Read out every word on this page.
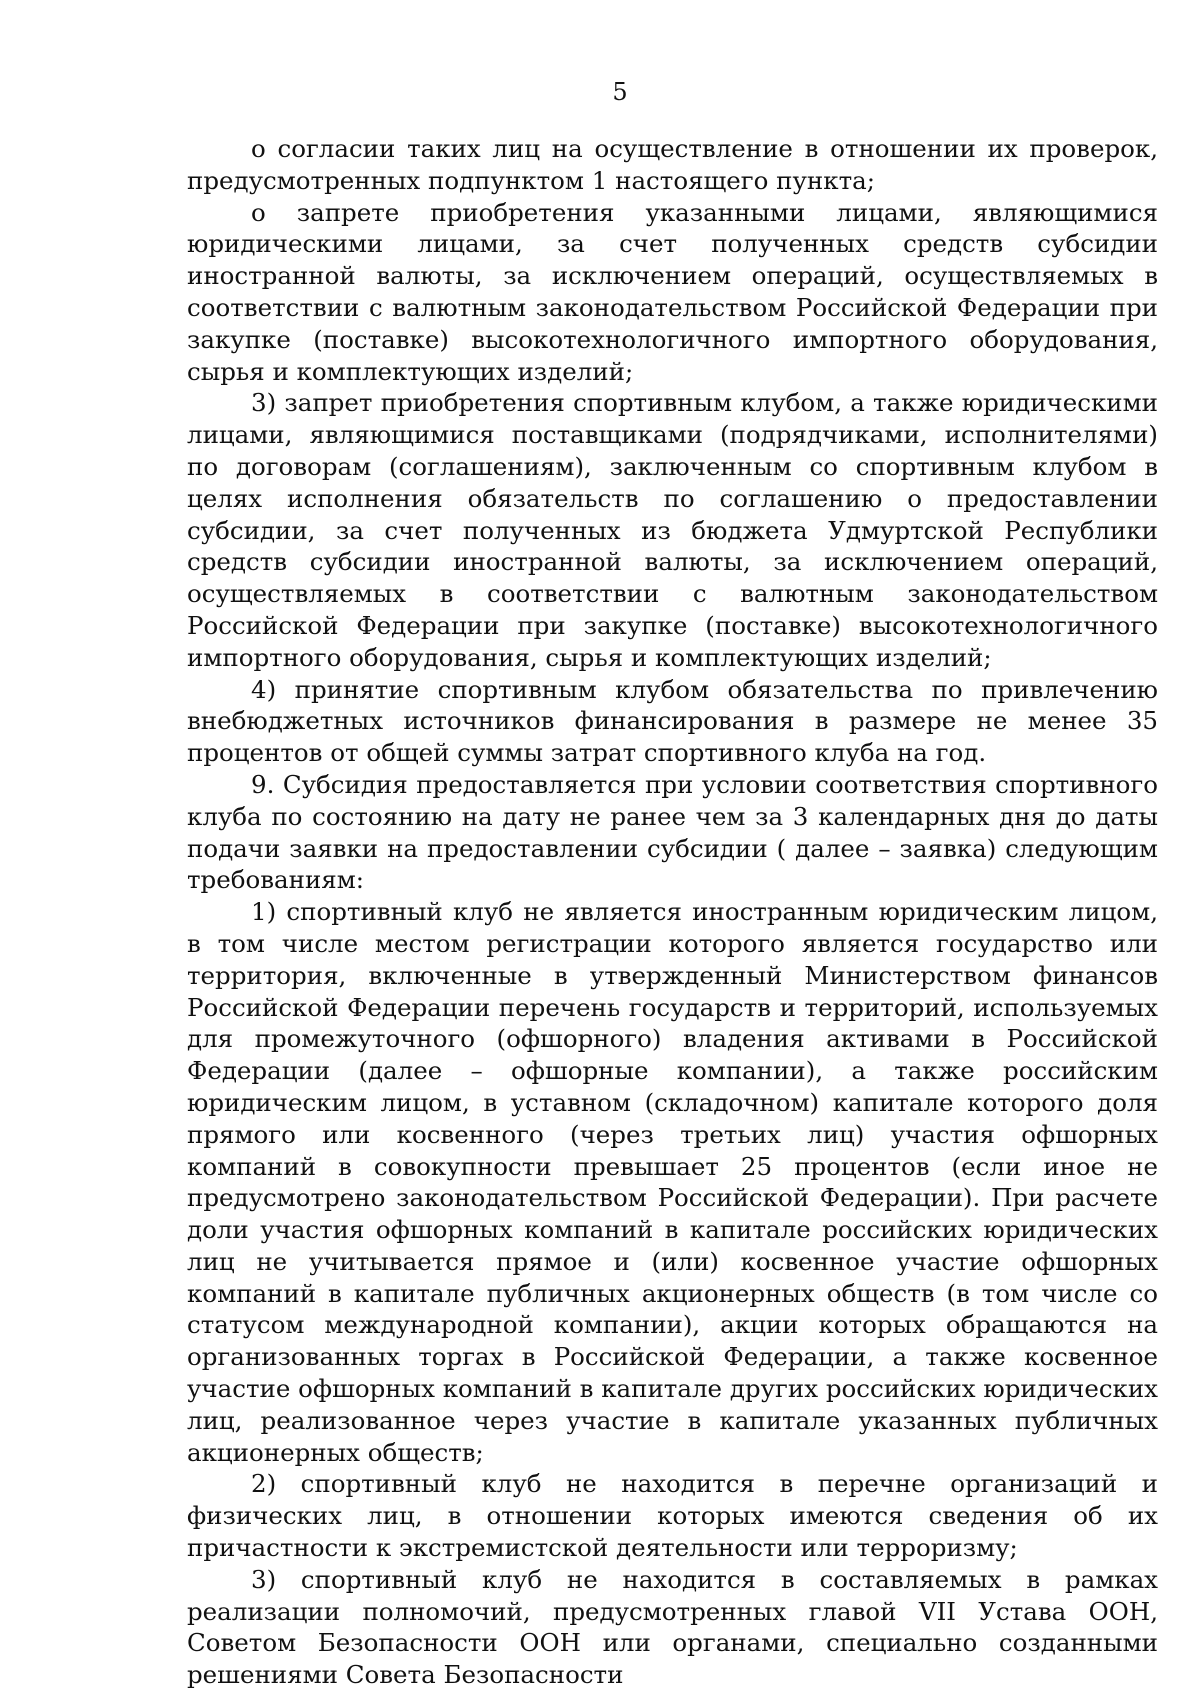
5

о согласии таких лиц на осуществление в отношении их проверок, предусмотренных подпунктом 1 настоящего пункта;

о запрете приобретения указанными лицами, являющимися юридическими лицами, за счет полученных средств субсидии иностранной валюты, за исключением операций, осуществляемых в соответствии с валютным законодательством Российской Федерации при закупке (поставке) высокотехнологичного импортного оборудования, сырья и комплектующих изделий;

3) запрет приобретения спортивным клубом, а также юридическими лицами, являющимися поставщиками (подрядчиками, исполнителями) по договорам (соглашениям), заключенным со спортивным клубом в целях исполнения обязательств по соглашению о предоставлении субсидии, за счет полученных из бюджета Удмуртской Республики средств субсидии иностранной валюты, за исключением операций, осуществляемых в соответствии с валютным законодательством Российской Федерации при закупке (поставке) высокотехнологичного импортного оборудования, сырья и комплектующих изделий;

4) принятие спортивным клубом обязательства по привлечению внебюджетных источников финансирования в размере не менее 35 процентов от общей суммы затрат спортивного клуба на год.

9. Субсидия предоставляется при условии соответствия спортивного клуба по состоянию на дату не ранее чем за 3 календарных дня до даты подачи заявки на предоставлении субсидии ( далее – заявка) следующим требованиям:

1) спортивный клуб не является иностранным юридическим лицом, в том числе местом регистрации которого является государство или территория, включенные в утвержденный Министерством финансов Российской Федерации перечень государств и территорий, используемых для промежуточного (офшорного) владения активами в Российской Федерации (далее – офшорные компании), а также российским юридическим лицом, в уставном (складочном) капитале которого доля прямого или косвенного (через третьих лиц) участия офшорных компаний в совокупности превышает 25 процентов (если иное не предусмотрено законодательством Российской Федерации). При расчете доли участия офшорных компаний в капитале российских юридических лиц не учитывается прямое и (или) косвенное участие офшорных компаний в капитале публичных акционерных обществ (в том числе со статусом международной компании), акции которых обращаются на организованных торгах в Российской Федерации, а также косвенное участие офшорных компаний в капитале других российских юридических лиц, реализованное через участие в капитале указанных публичных акционерных обществ;

2) спортивный клуб не находится в перечне организаций и физических лиц, в отношении которых имеются сведения об их причастности к экстремистской деятельности или терроризму;

3) спортивный клуб не находится в составляемых в рамках реализации полномочий, предусмотренных главой VII Устава ООН, Советом Безопасности ООН или органами, специально созданными решениями Совета Безопасности
